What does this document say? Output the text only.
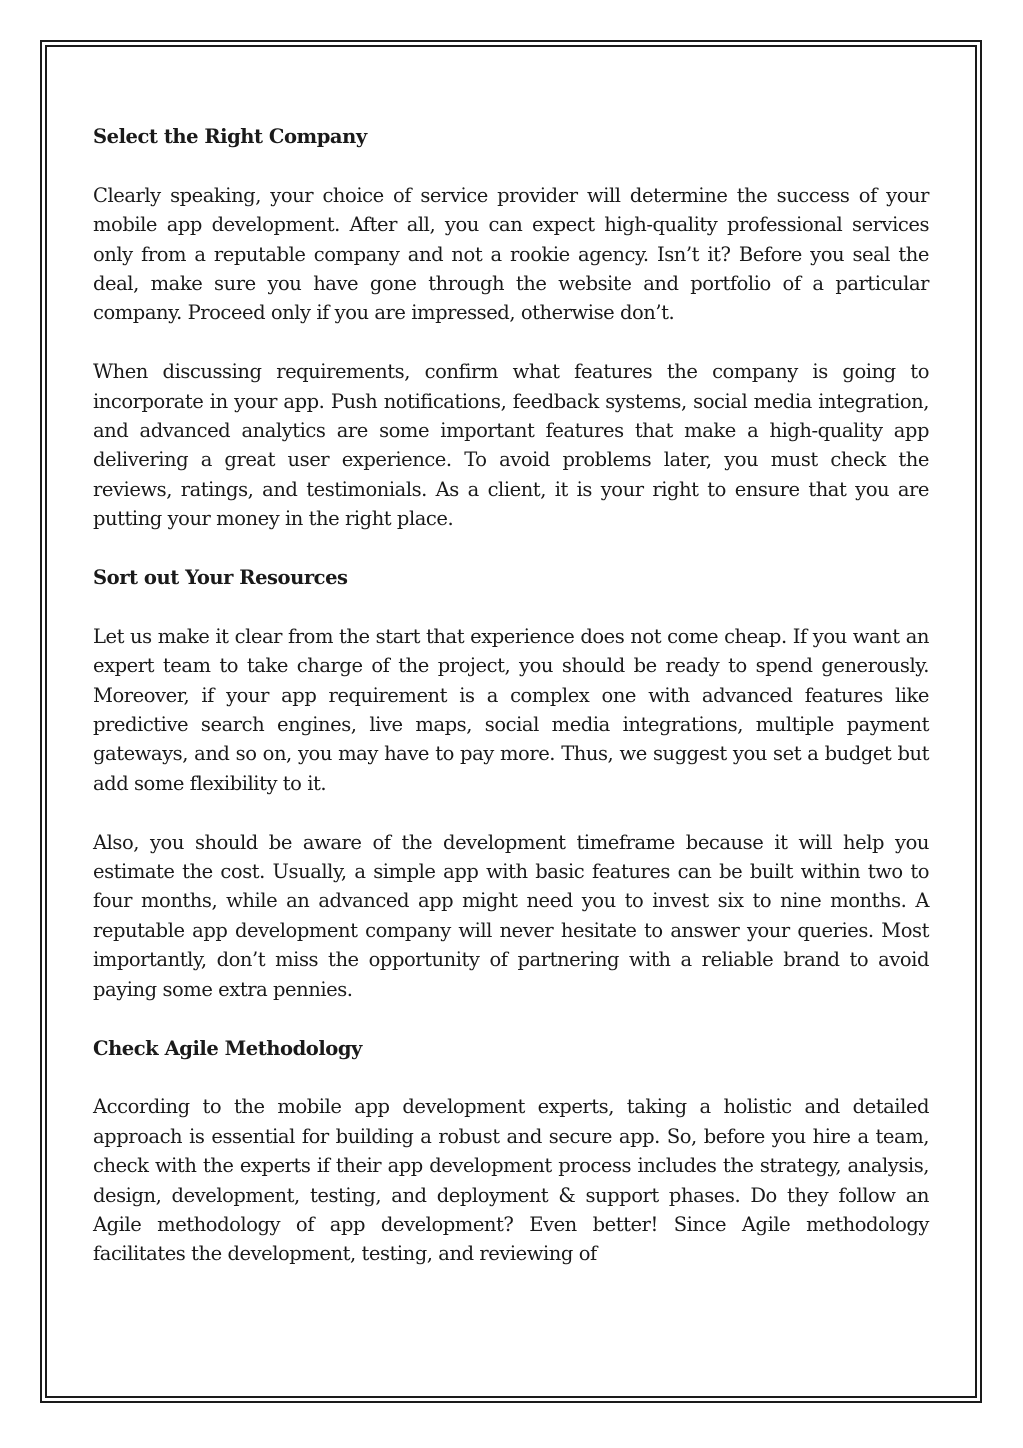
Select the Right Company

Clearly speaking, your choice of service provider will determine the success of your mobile app development. After all, you can expect high-quality professional services only from a reputable company and not a rookie agency. Isn’t it? Before you seal the deal, make sure you have gone through the website and portfolio of a particular company. Proceed only if you are impressed, otherwise don’t.

When discussing requirements, confirm what features the company is going to incorporate in your app. Push notifications, feedback systems, social media integration, and advanced analytics are some important features that make a high-quality app delivering a great user experience. To avoid problems later, you must check the reviews, ratings, and testimonials. As a client, it is your right to ensure that you are putting your money in the right place.

Sort out Your Resources

Let us make it clear from the start that experience does not come cheap. If you want an expert team to take charge of the project, you should be ready to spend generously. Moreover, if your app requirement is a complex one with advanced features like predictive search engines, live maps, social media integrations, multiple payment gateways, and so on, you may have to pay more. Thus, we suggest you set a budget but add some flexibility to it.

Also, you should be aware of the development timeframe because it will help you estimate the cost. Usually, a simple app with basic features can be built within two to four months, while an advanced app might need you to invest six to nine months. A reputable app development company will never hesitate to answer your queries. Most importantly, don’t miss the opportunity of partnering with a reliable brand to avoid paying some extra pennies.

Check Agile Methodology

According to the mobile app development experts, taking a holistic and detailed approach is essential for building a robust and secure app. So, before you hire a team, check with the experts if their app development process includes the strategy, analysis, design, development, testing, and deployment & support phases. Do they follow an Agile methodology of app development? Even better! Since Agile methodology facilitates the development, testing, and reviewing of
